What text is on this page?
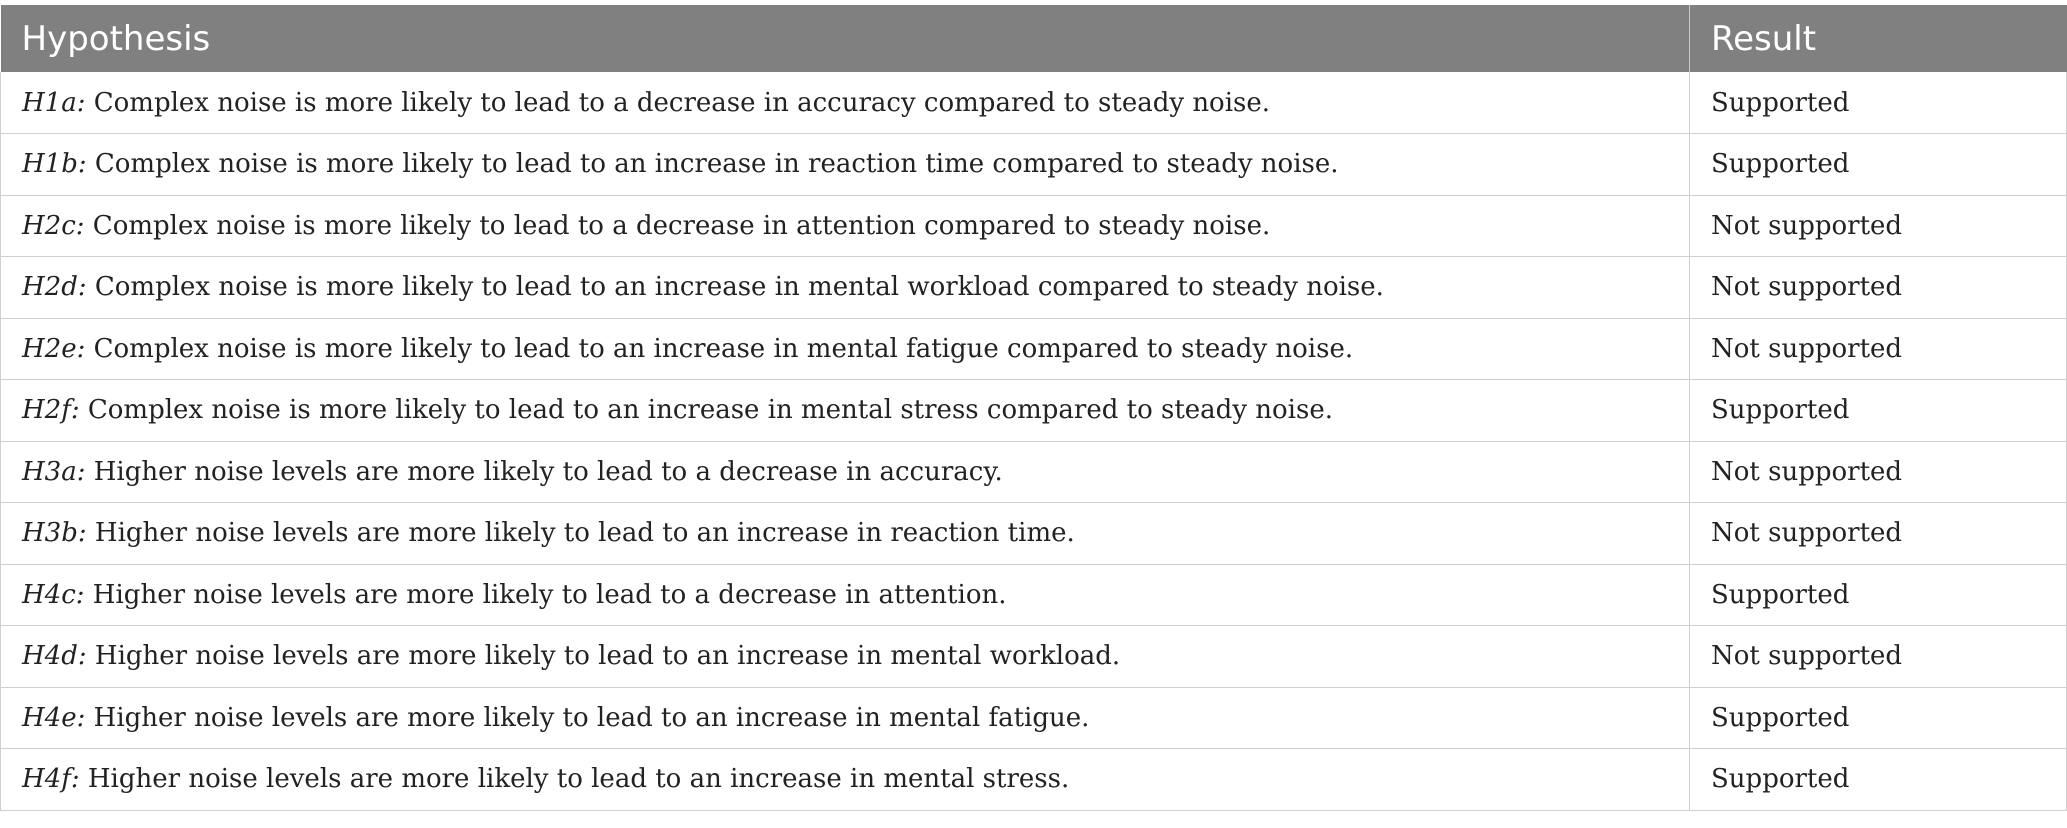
Hypothesis	Result
H1a: Complex noise is more likely to lead to a decrease in accuracy compared to steady noise.	Supported
H1b: Complex noise is more likely to lead to an increase in reaction time compared to steady noise.	Supported
H2c: Complex noise is more likely to lead to a decrease in attention compared to steady noise.	Not supported
H2d: Complex noise is more likely to lead to an increase in mental workload compared to steady noise.	Not supported
H2e: Complex noise is more likely to lead to an increase in mental fatigue compared to steady noise.	Not supported
H2f: Complex noise is more likely to lead to an increase in mental stress compared to steady noise.	Supported
H3a: Higher noise levels are more likely to lead to a decrease in accuracy.	Not supported
H3b: Higher noise levels are more likely to lead to an increase in reaction time.	Not supported
H4c: Higher noise levels are more likely to lead to a decrease in attention.	Supported
H4d: Higher noise levels are more likely to lead to an increase in mental workload.	Not supported
H4e: Higher noise levels are more likely to lead to an increase in mental fatigue.	Supported
H4f: Higher noise levels are more likely to lead to an increase in mental stress.	Supported
